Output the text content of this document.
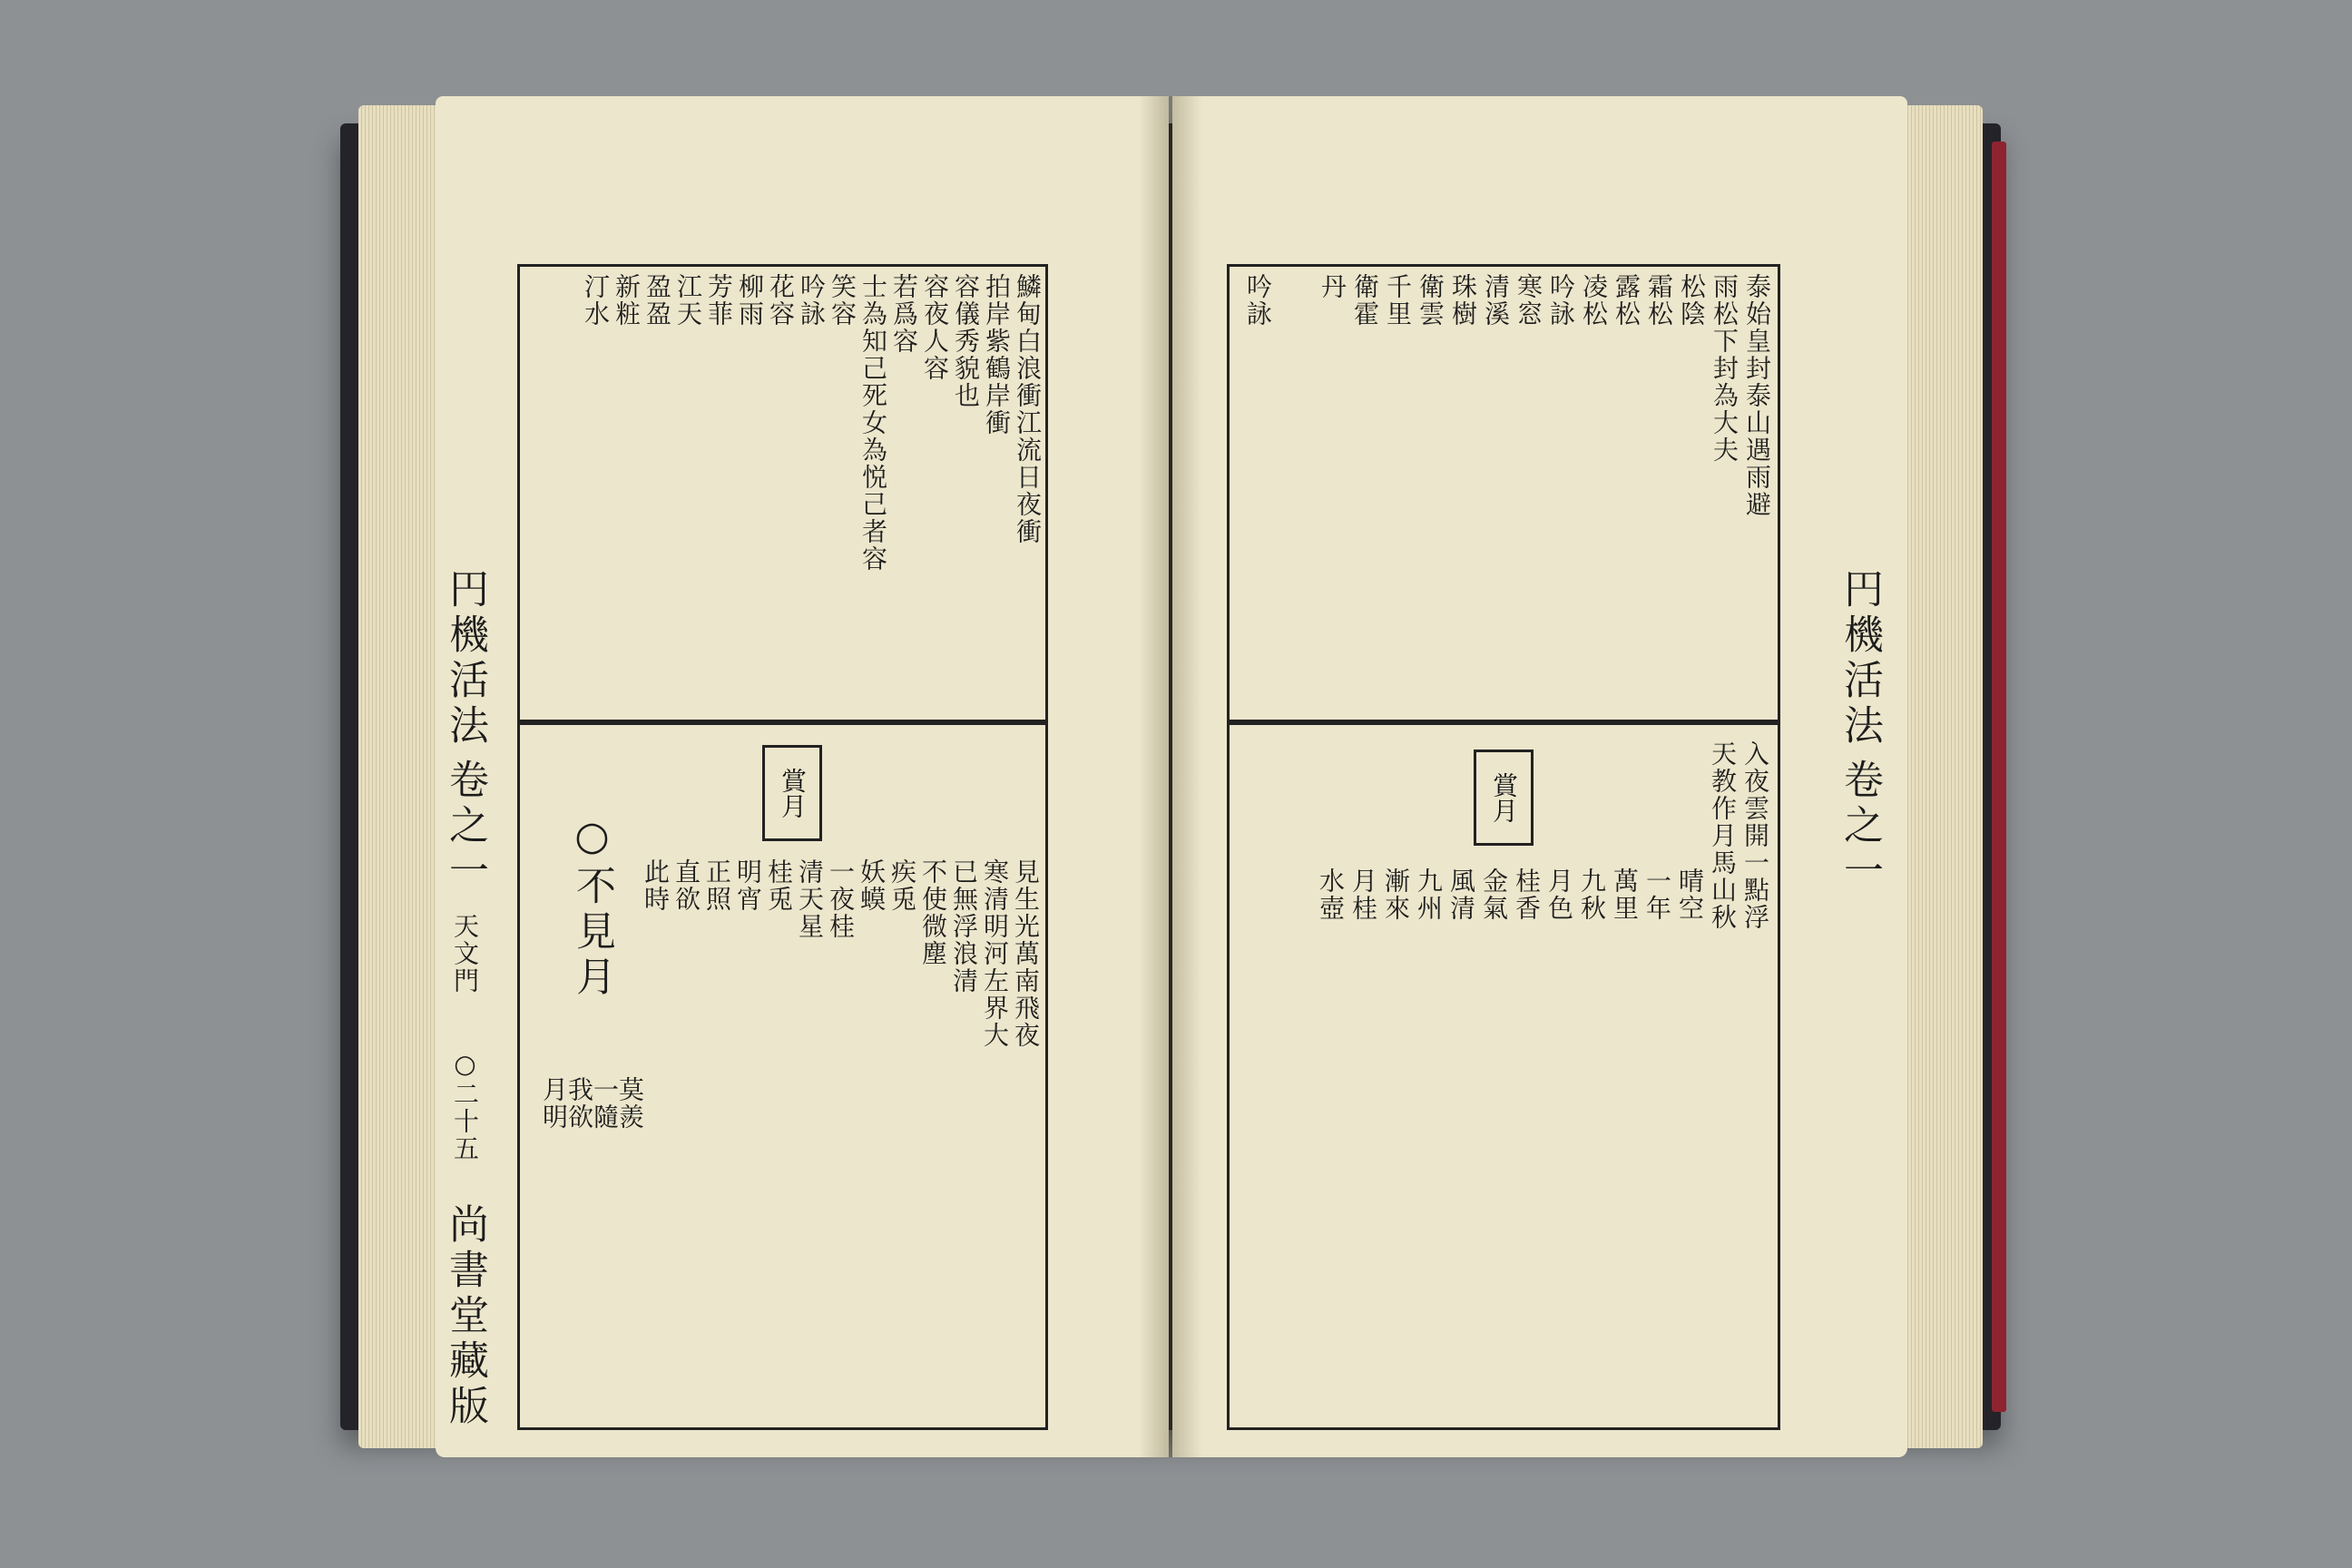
円機活法
卷之一
天文門
○二十五
尚書堂藏版
賞月
○不見月
鱗甸白浪衝江流日夜衝
拍岸紫鶴岸衝
容儀秀貌也
容夜人容
若爲容
士為知己死女為悦己者容
笑容
吟詠
花容
柳雨
芳菲
江天
盈盈
新粧
汀水
見生光萬南飛夜
寒清明河左界大
已無浮浪清
不使微塵
疾兎
妖蟆
一夜桂
清天星
桂兎
明宵
正照
直欲
此時
莫羨
一隨
我欲
月明
円機活法
卷之一
賞月
泰始皇封泰山遇雨避
雨松下封為大夫
松陰
霜松
露松
凌松
吟詠
寒窓
清溪
珠樹
衛雲
千里
衛霍
丹
吟詠
入夜雲開一點浮
天教作月馬山秋
晴空
一年
萬里
九秋
月色
桂香
金氣
風清
九州
漸來
月桂
水壺
